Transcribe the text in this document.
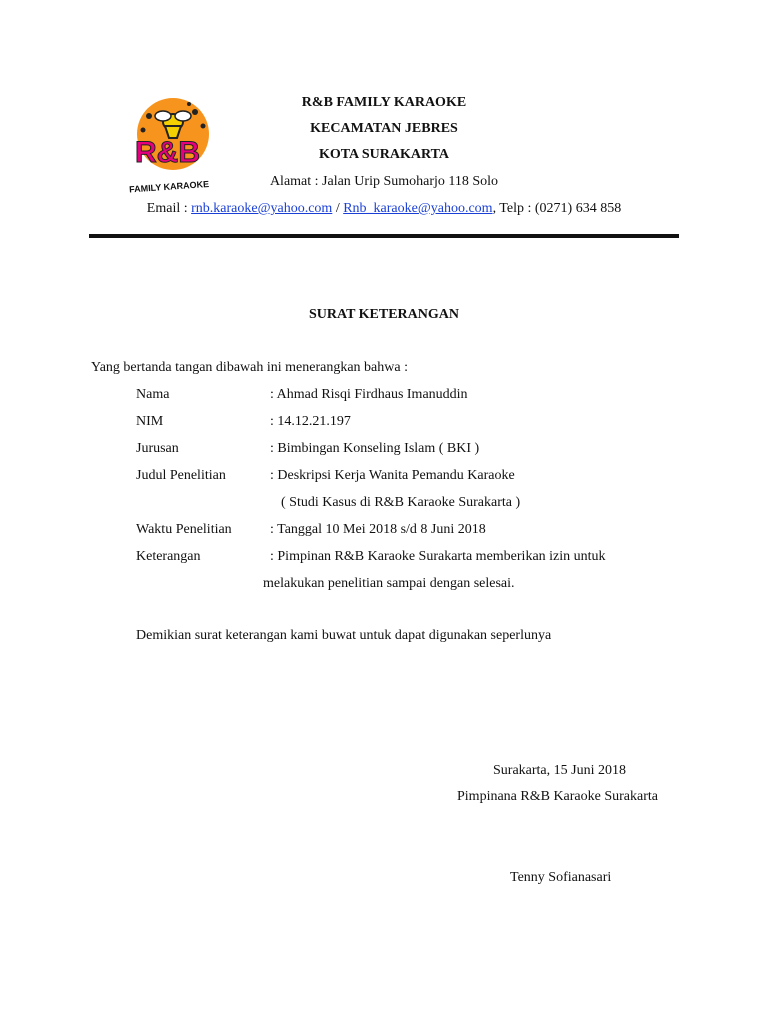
R&B
FAMILY KARAOKE
R&B FAMILY KARAOKE
KECAMATAN JEBRES
KOTA SURAKARTA
Alamat : Jalan Urip Sumoharjo 118 Solo
Email : rnb.karaoke@yahoo.com / Rnb_karaoke@yahoo.com, Telp : (0271) 634 858
SURAT KETERANGAN
Yang bertanda tangan dibawah ini menerangkan bahwa :
Nama	: Ahmad Risqi Firdhaus Imanuddin
NIM	: 14.12.21.197
Jurusan	: Bimbingan Konseling Islam ( BKI )
Judul Penelitian	: Deskripsi Kerja Wanita Pemandu Karaoke
( Studi Kasus di R&B Karaoke Surakarta )
Waktu Penelitian	: Tanggal 10 Mei 2018 s/d 8 Juni 2018
Keterangan	: Pimpinan R&B Karaoke Surakarta memberikan izin untuk
melakukan penelitian sampai dengan selesai.
Demikian surat keterangan kami buwat untuk dapat digunakan seperlunya
Surakarta, 15 Juni 2018
Pimpinana R&B Karaoke Surakarta
Tenny Sofianasari
